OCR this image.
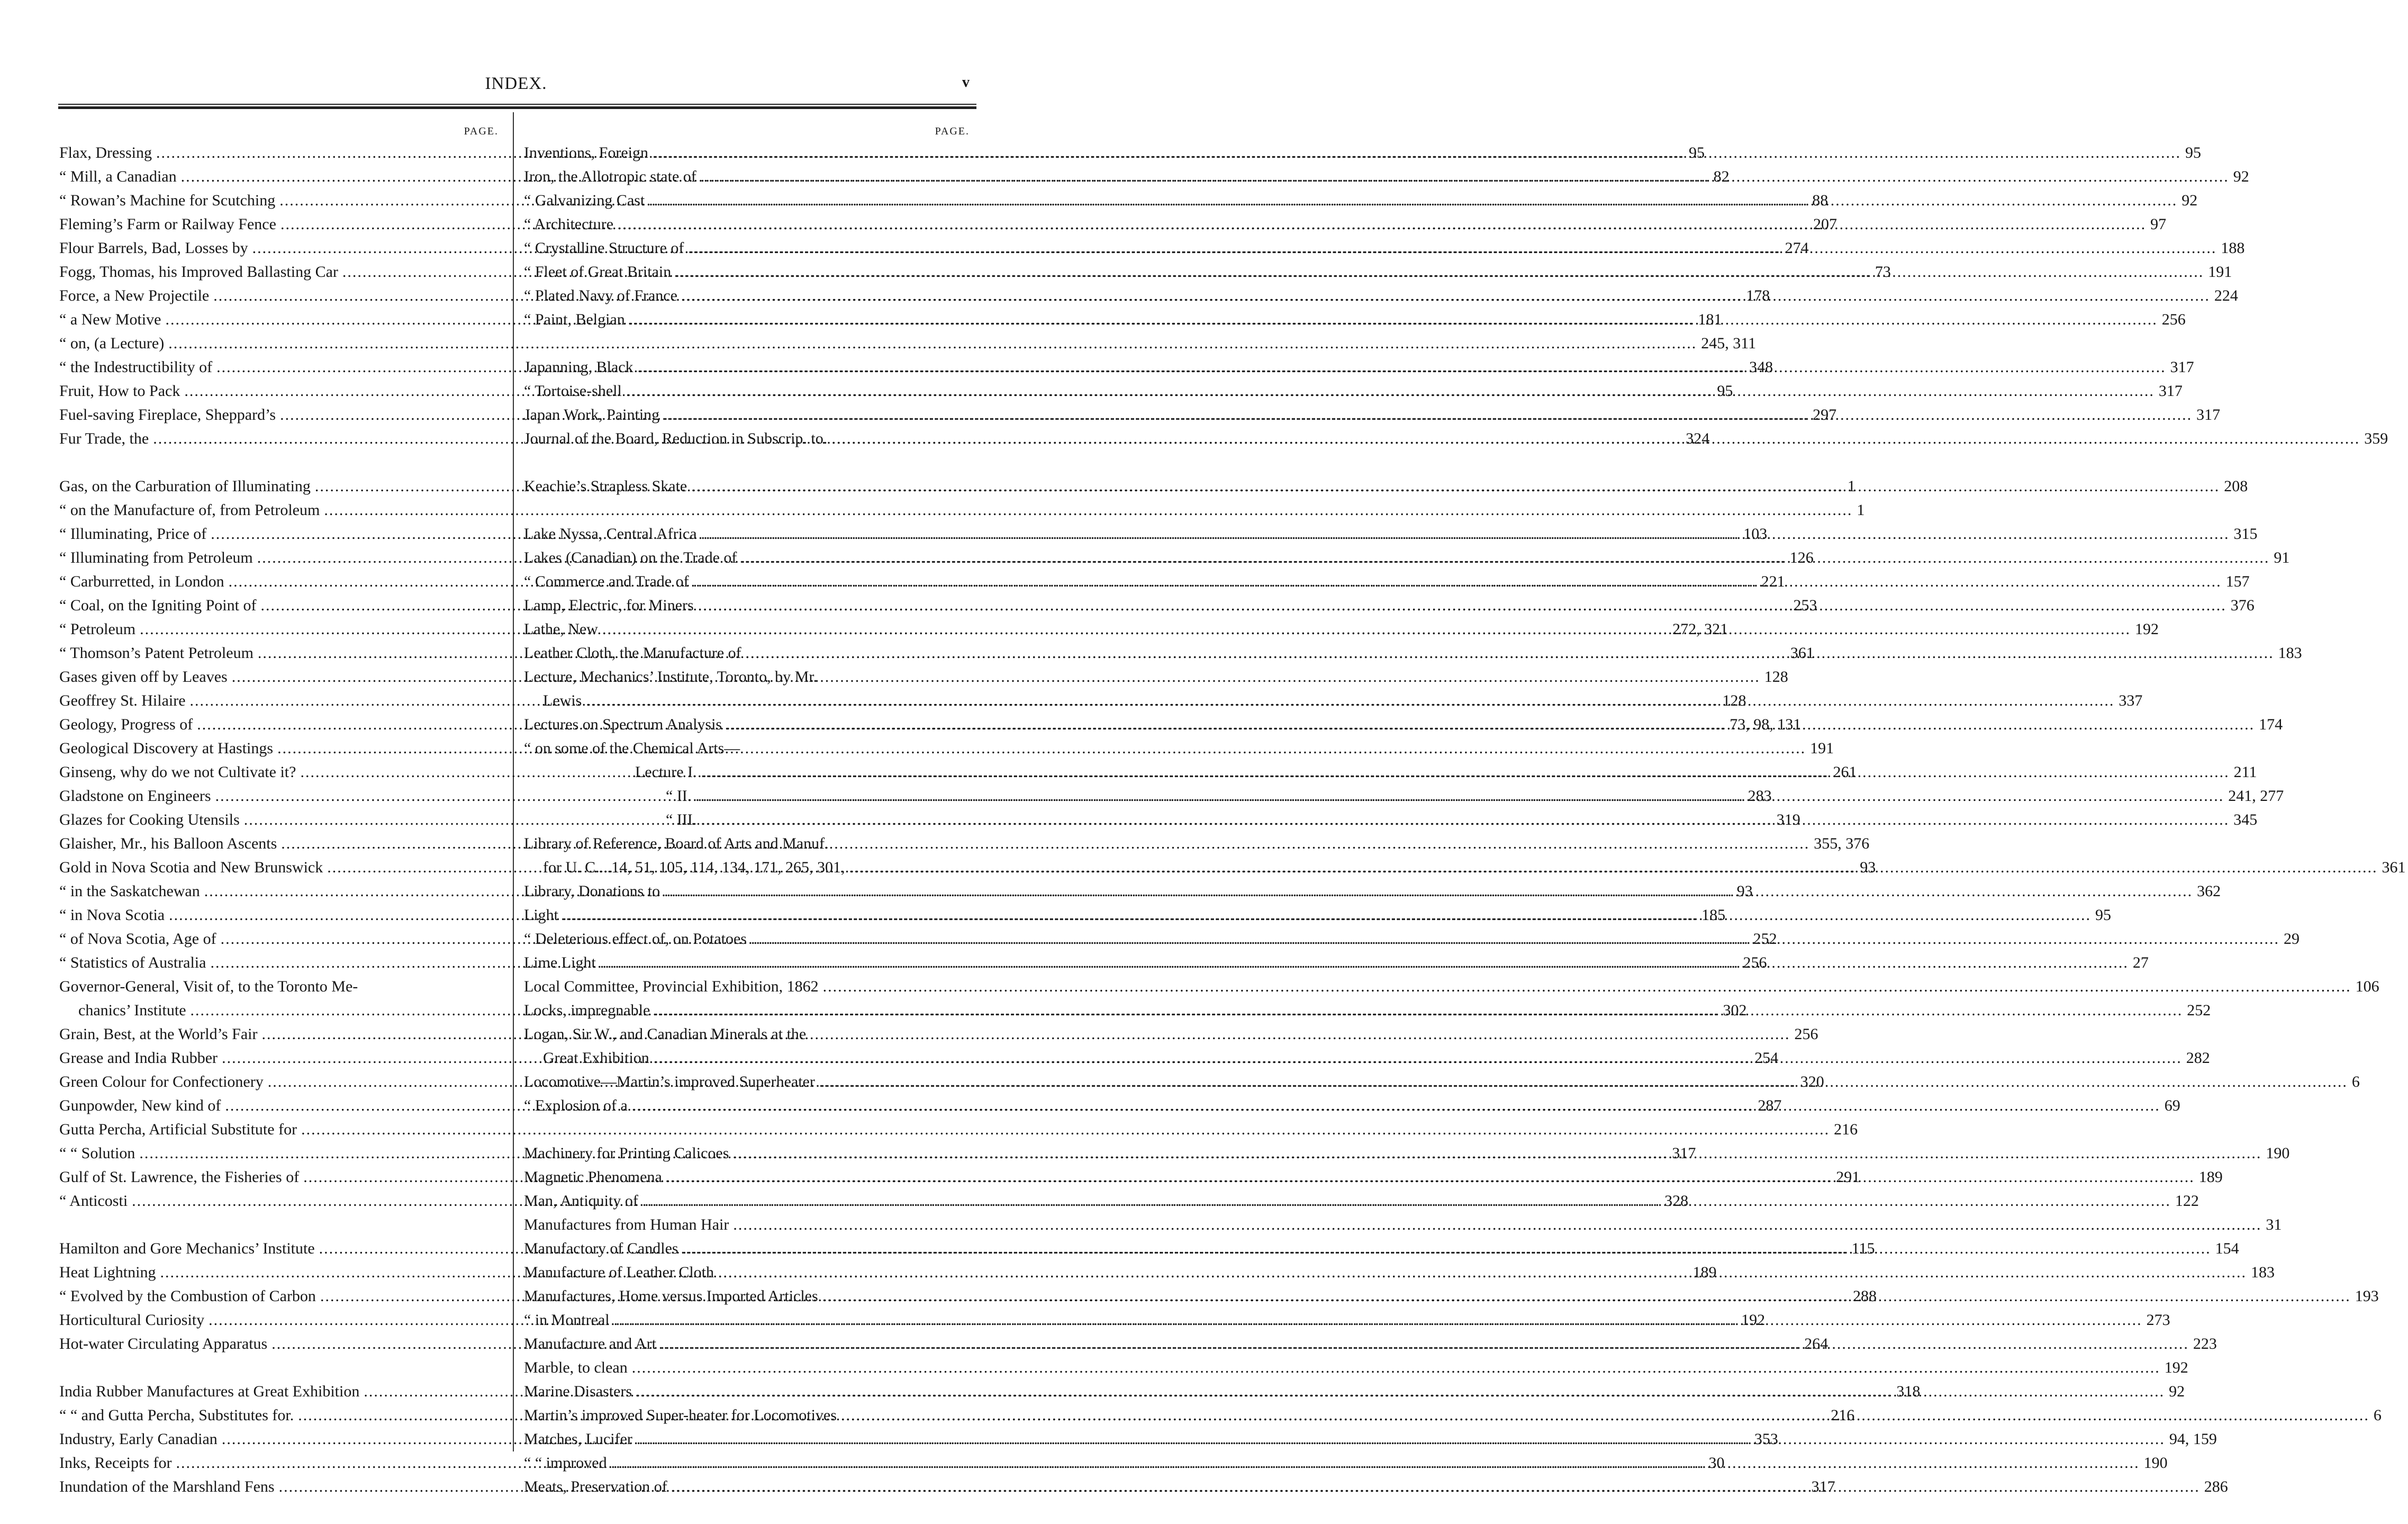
INDEX.	v
PAGE.
Flax, Dressing .....	95
“ Mill, a Canadian .....	82
“ Rowan’s Machine for Scutching .....	88
Fleming’s Farm or Railway Fence .....	207
Flour Barrels, Bad, Losses by .....	274
Fogg, Thomas, his Improved Ballasting Car .....	73
Force, a New Projectile .....	178
“ a New Motive .....	181
“ on, (a Lecture) .....	245, 311
“ the Indestructibility of .....	348
Fruit, How to Pack .....	95
Fuel-saving Fireplace, Sheppard’s .....	297
Fur Trade, the .....	324
Gas, on the Carburation of Illuminating .....	1
“ on the Manufacture of, from Petroleum .....	1
“ Illuminating, Price of .....	103
“ Illuminating from Petroleum .....	126
“ Carburretted, in London .....	221
“ Coal, on the Igniting Point of .....	253
“ Petroleum .....	272, 321
“ Thomson’s Patent Petroleum .....	361
Gases given off by Leaves .....	128
Geoffrey St. Hilaire .....	128
Geology, Progress of .....	73, 98, 131
Geological Discovery at Hastings .....	191
Ginseng, why do we not Cultivate it? .....	261
Gladstone on Engineers .....	283
Glazes for Cooking Utensils .....	319
Glaisher, Mr., his Balloon Ascents .....	355, 376
Gold in Nova Scotia and New Brunswick .....	93
“ in the Saskatchewan .....	93
“ in Nova Scotia .....	185
“ of Nova Scotia, Age of .....	252
“ Statistics of Australia .....	256
Governor-General, Visit of, to the Toronto Me-
chanics’ Institute .....	302
Grain, Best, at the World’s Fair .....	256
Grease and India Rubber .....	254
Green Colour for Confectionery .....	320
Gunpowder, New kind of .....	287
Gutta Percha, Artificial Substitute for .....	216
“ “ Solution .....	317
Gulf of St. Lawrence, the Fisheries of .....	291
“ Anticosti .....	328
Hamilton and Gore Mechanics’ Institute .....	115
Heat Lightning .....	189
“ Evolved by the Combustion of Carbon .....	288
Horticultural Curiosity .....	192
Hot-water Circulating Apparatus .....	264
India Rubber Manufactures at Great Exhibition .....	318
“ “ and Gutta Percha, Substitutes for. .....	216
Industry, Early Canadian .....	353
Inks, Receipts for .....	30
Inundation of the Marshland Fens .....	317
PAGE.
Inventions, Foreign .....	95
Iron, the Allotropic state of .....	92
“ Galvanizing Cast .....	92
“ Architecture .....	97
“ Crystalline Structure of .....	188
“ Fleet of Great Britain .....	191
“ Plated Navy of France .....	224
“ Paint, Belgian .....	256
Japanning, Black .....	317
“ Tortoise-shell .....	317
Japan Work, Painting .....	317
Journal of the Board, Reduction in Subscrip. to. .....	359
Keachie’s Strapless Skate .....	208
Lake Nyssa, Central Africa .....	315
Lakes (Canadian) on the Trade of .....	91
“ Commerce and Trade of .....	157
Lamp, Electric, for Miners .....	376
Lathe, New .....	192
Leather Cloth, the Manufacture of .....	183
Lecture, Mechanics’ Institute, Toronto, by Mr.
Lewis .....	337
Lectures on Spectrum Analysis .....	174
“ on some of the Chemical Arts—
Lecture I. .....	211
“ II. .....	241, 277
“ III. .....	345
Library of Reference, Board of Arts and Manuf.
for U. C....14, 51, 105, 114, 134, 171, 265, 301, .....	361
Library, Donations to .....	362
Light .....	95
“ Deleterious effect of, on Potatoes .....	29
Lime Light .....	27
Local Committee, Provincial Exhibition, 1862 .....	106
Locks, impregnable .....	252
Logan, Sir W., and Canadian Minerals at the
Great Exhibition .....	282
Locomotive—Martin’s improved Superheater .....	6
“ Explosion of a .....	69
Machinery for Printing Calicoes .....	190
Magnetic Phenomena .....	189
Man, Antiquity of .....	122
Manufactures from Human Hair .....	31
Manufactory of Candles .....	154
Manufacture of Leather Cloth .....	183
Manufactures, Home versus Imported Articles .....	193
“ in Montreal .....	273
Manufacture and Art .....	223
Marble, to clean .....	192
Marine Disasters .....	92
Martin’s improved Super-heater for Locomotives .....	6
Matches, Lucifer .....	94, 159
“ “ improved .....	190
Meats, Preservation of .....	286
